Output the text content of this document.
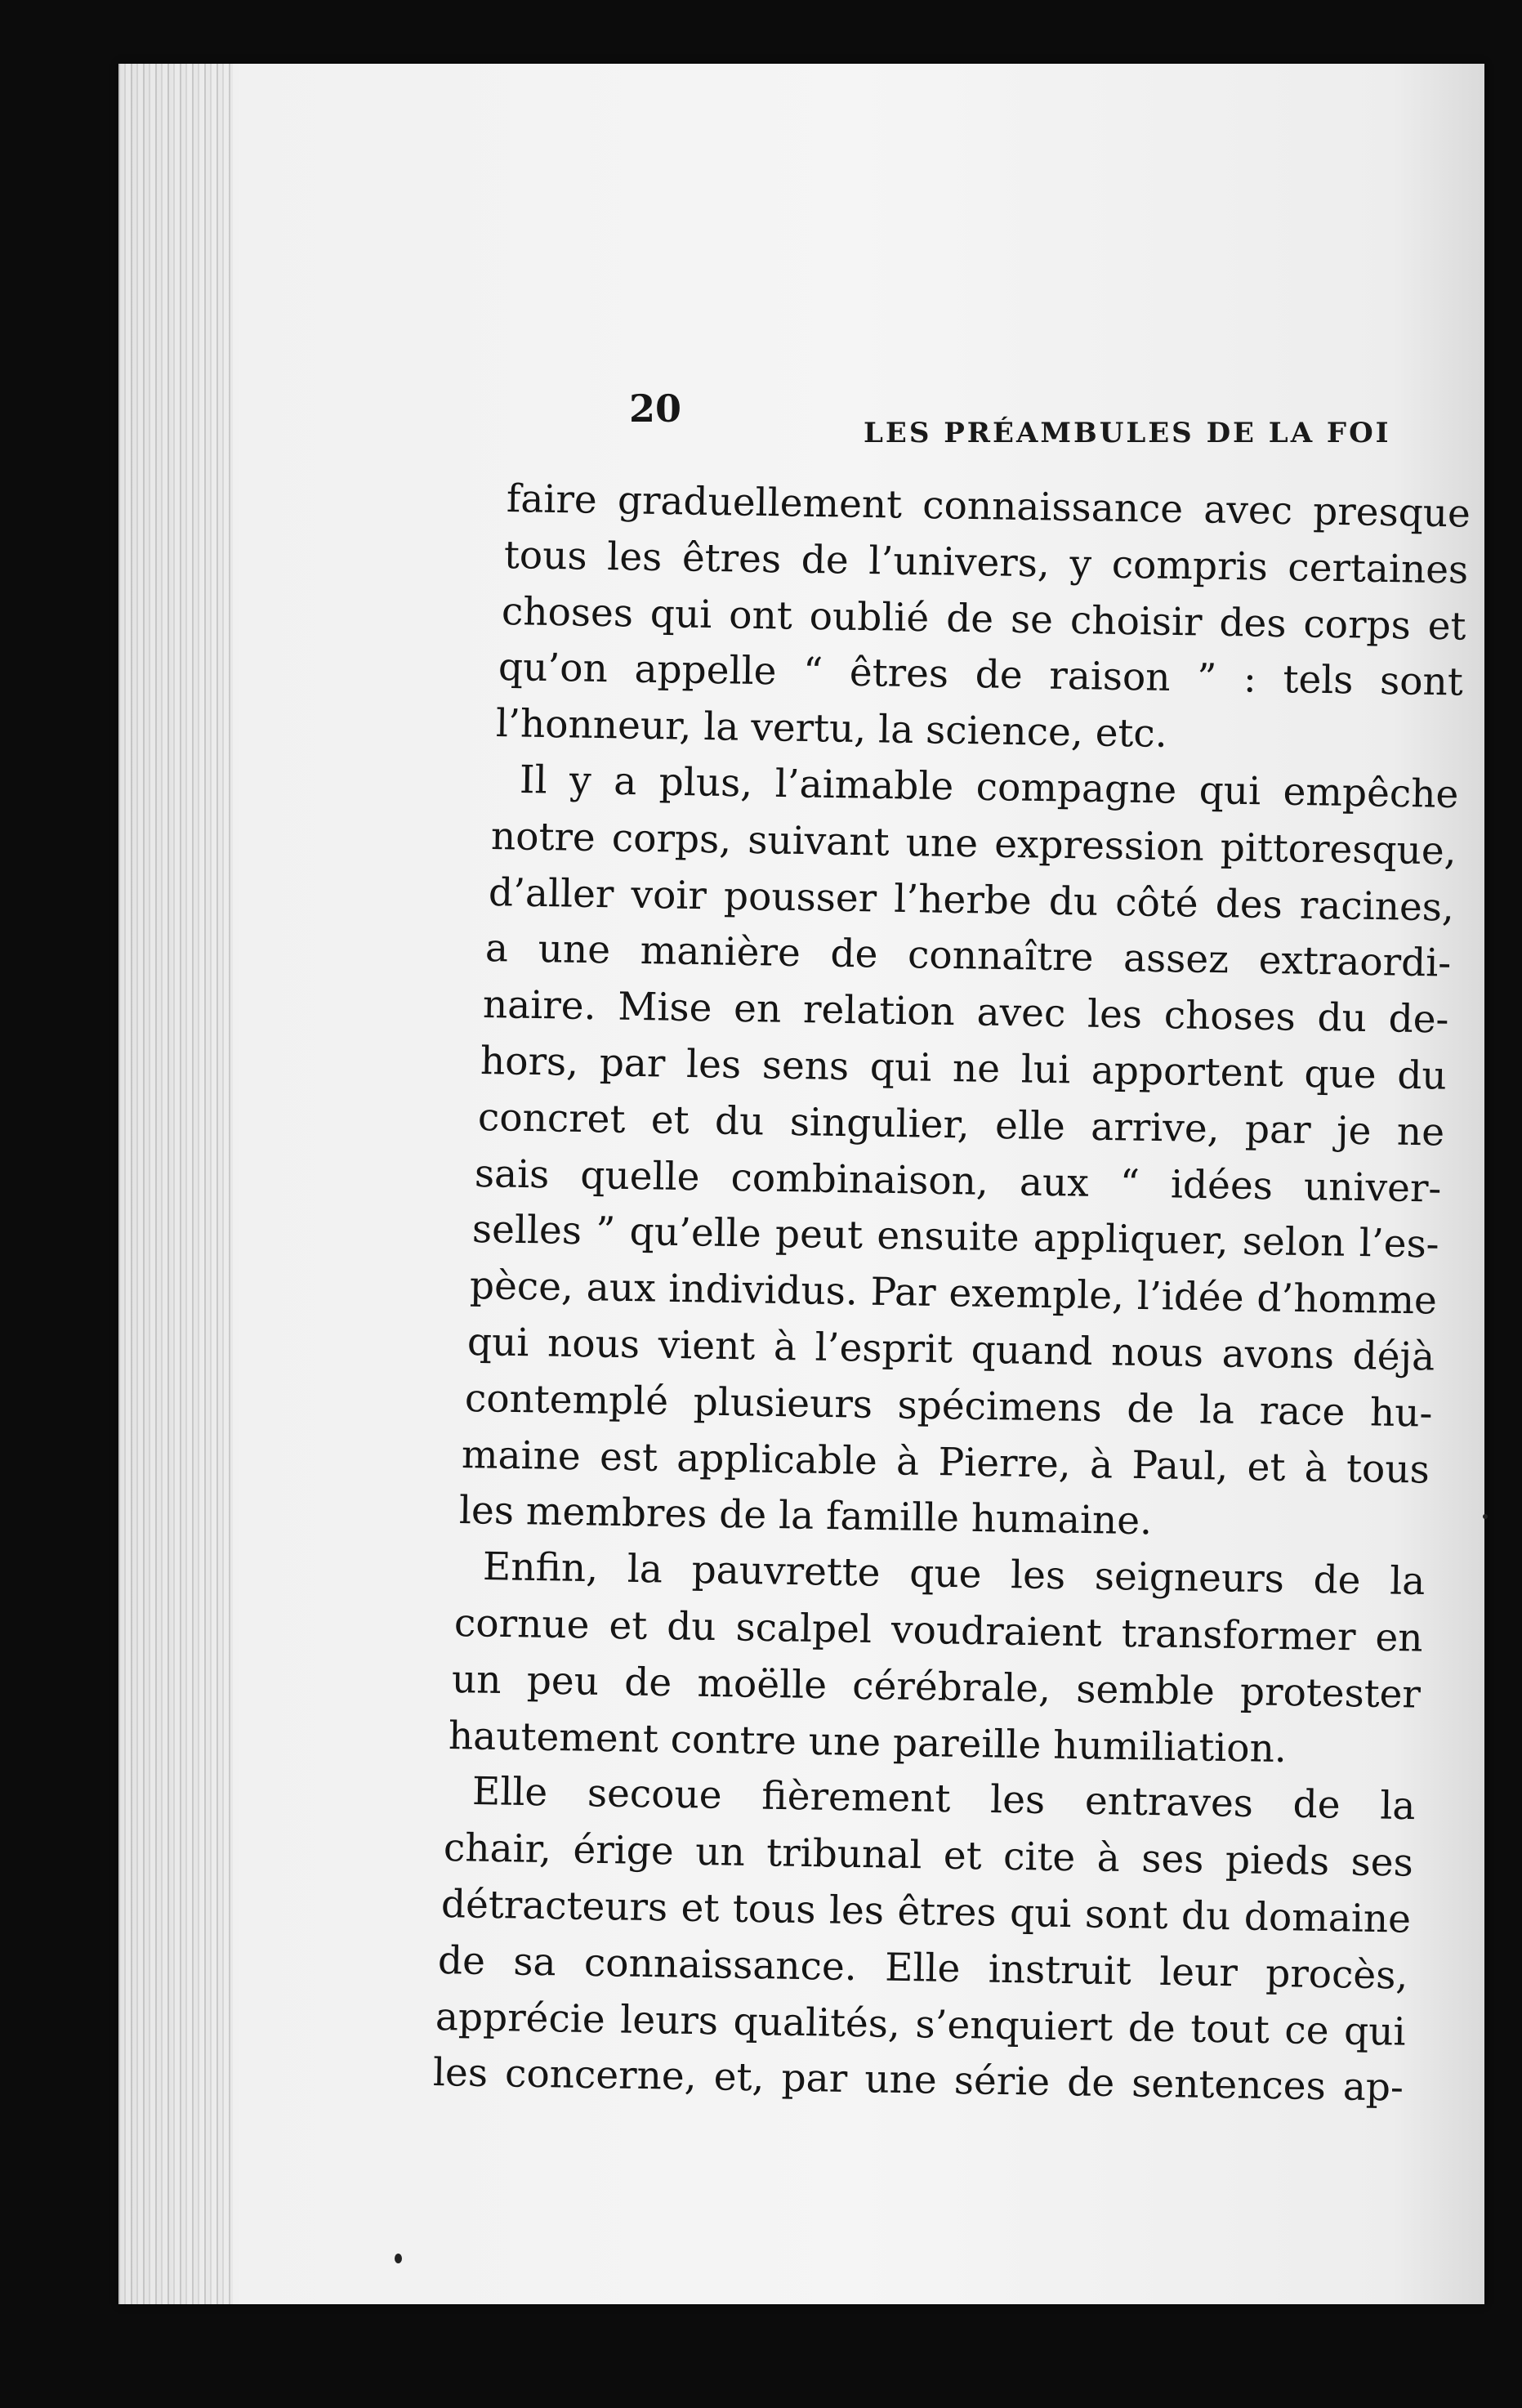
20
LES PRÉAMBULES DE LA FOI

faire graduellement connaissance avec presque

tous les êtres de l’univers, y compris certaines

choses qui ont oublié de se choisir des corps et

qu’on appelle “ êtres de raison ” : tels sont

l’honneur, la vertu, la science, etc.

Il y a plus, l’aimable compagne qui empêche

notre corps, suivant une expression pittoresque,

d’aller voir pousser l’herbe du côté des racines,

a une manière de connaître assez extraordi-

naire. Mise en relation avec les choses du de-

hors, par les sens qui ne lui apportent que du

concret et du singulier, elle arrive, par je ne

sais quelle combinaison, aux “ idées univer-

selles ” qu’elle peut ensuite appliquer, selon l’es-

pèce, aux individus. Par exemple, l’idée d’homme

qui nous vient à l’esprit quand nous avons déjà

contemplé plusieurs spécimens de la race hu-

maine est applicable à Pierre, à Paul, et à tous

les membres de la famille humaine.

Enfin, la pauvrette que les seigneurs de la

cornue et du scalpel voudraient transformer en

un peu de moëlle cérébrale, semble protester

hautement contre une pareille humiliation.

Elle secoue fièrement les entraves de la

chair, érige un tribunal et cite à ses pieds ses

détracteurs et tous les êtres qui sont du domaine

de sa connaissance. Elle instruit leur procès,

apprécie leurs qualités, s’enquiert de tout ce qui

les concerne, et, par une série de sentences ap-
